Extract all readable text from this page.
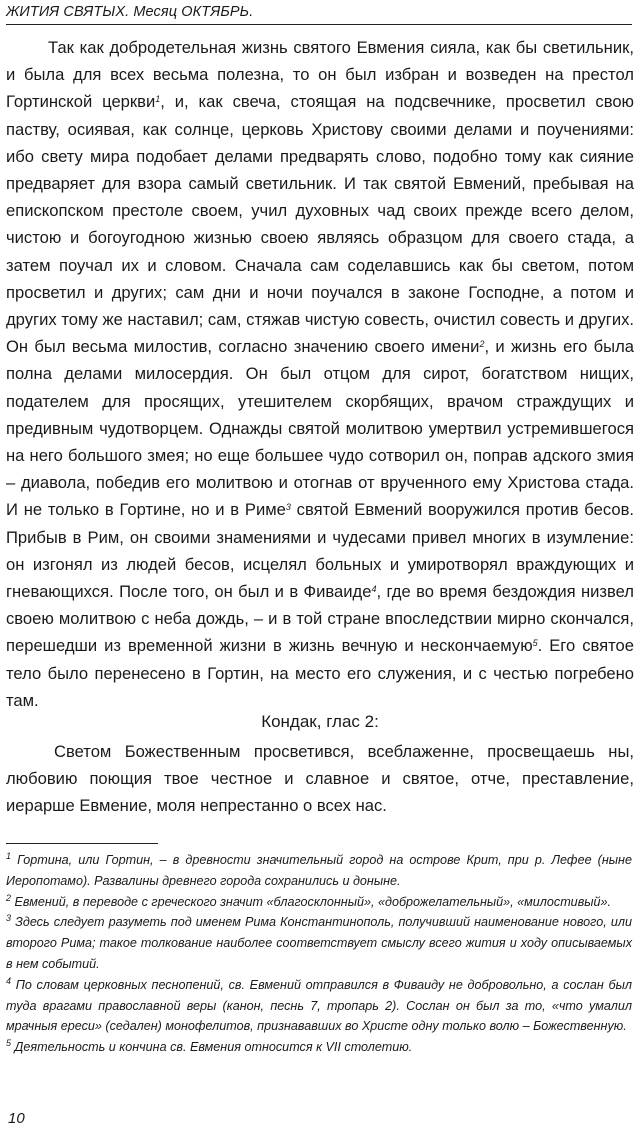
ЖИТИЯ СВЯТЫХ. Месяц ОКТЯБРЬ.

Так как добродетельная жизнь святого Евмения сияла, как бы светильник, и была для всех весьма полезна, то он был избран и возведен на престол Гортинской церкви$^1$, и, как свеча, стоящая на подсвечнике, просветил свою паству, осиявая, как солнце, церковь Христову своими делами и поучениями: ибо свету мира подобает делами предварять слово, подобно тому как сияние предваряет для взора самый светильник. И так святой Евмений, пребывая на епископском престоле своем, учил духовных чад своих прежде всего делом, чистою и богоугодною жизнью своею являясь образцом для своего стада, а затем поучал их и словом. Сначала сам соделавшись как бы светом, потом просветил и других; сам дни и ночи поучался в законе Господне, а потом и других тому же наставил; сам, стяжав чистую совесть, очистил совесть и других. Он был весьма милостив, согласно значению своего имени$^2$, и жизнь его была полна делами милосердия. Он был отцом для сирот, богатством нищих, подателем для просящих, утешителем скорбящих, врачом страждущих и предивным чудотворцем. Однажды святой молитвою умертвил устремившегося на него большого змея; но еще большее чудо сотворил он, поправ адского змия – диавола, победив его молитвою и отогнав от врученного ему Христова стада. И не только в Гортине, но и в Риме$^3$ святой Евмений вооружился против бесов. Прибыв в Рим, он своими знамениями и чудесами привел многих в изумление: он изгонял из людей бесов, исцелял больных и умиротворял враждующих и гневающихся. После того, он был и в Фиваиде$^4$, где во время бездождия низвел своею молитвою с неба дождь, – и в той стране впоследствии мирно скончался, перешедши из временной жизни в жизнь вечную и нескончаемую$^5$. Его святое тело было перенесено в Гортин, на место его служения, и с честью погребено там.

Кондак, глас 2:

Светом Божественным просветився, всеблаженне, просвещаешь ны, любовию поющия твое честное и славное и святое, отче, преставление, иерарше Евмение, моля непрестанно о всех нас.

$^1$ Гортина, или Гортин, – в древности значительный город на острове Крит, при р. Лефее (ныне Иеропотамо). Развалины древнего города сохранились и доныне.

$^2$ Евмений, в переводе с греческого значит «благосклонный», «доброжелательный», «милостивый».

$^3$ Здесь следует разуметь под именем Рима Константинополь, получивший наименование нового, или второго Рима; такое толкование наиболее соответствует смыслу всего жития и ходу описываемых в нем событий.

$^4$ По словам церковных песнопений, св. Евмений отправился в Фиваиду не добровольно, а сослан был туда врагами православной веры (канон, песнь 7, тропарь 2). Сослан он был за то, «что умалил мрачныя ереси» (седален) монофелитов, признававших во Христе одну только волю – Божественную.

$^5$ Деятельность и кончина св. Евмения относится к VII столетию.

10
